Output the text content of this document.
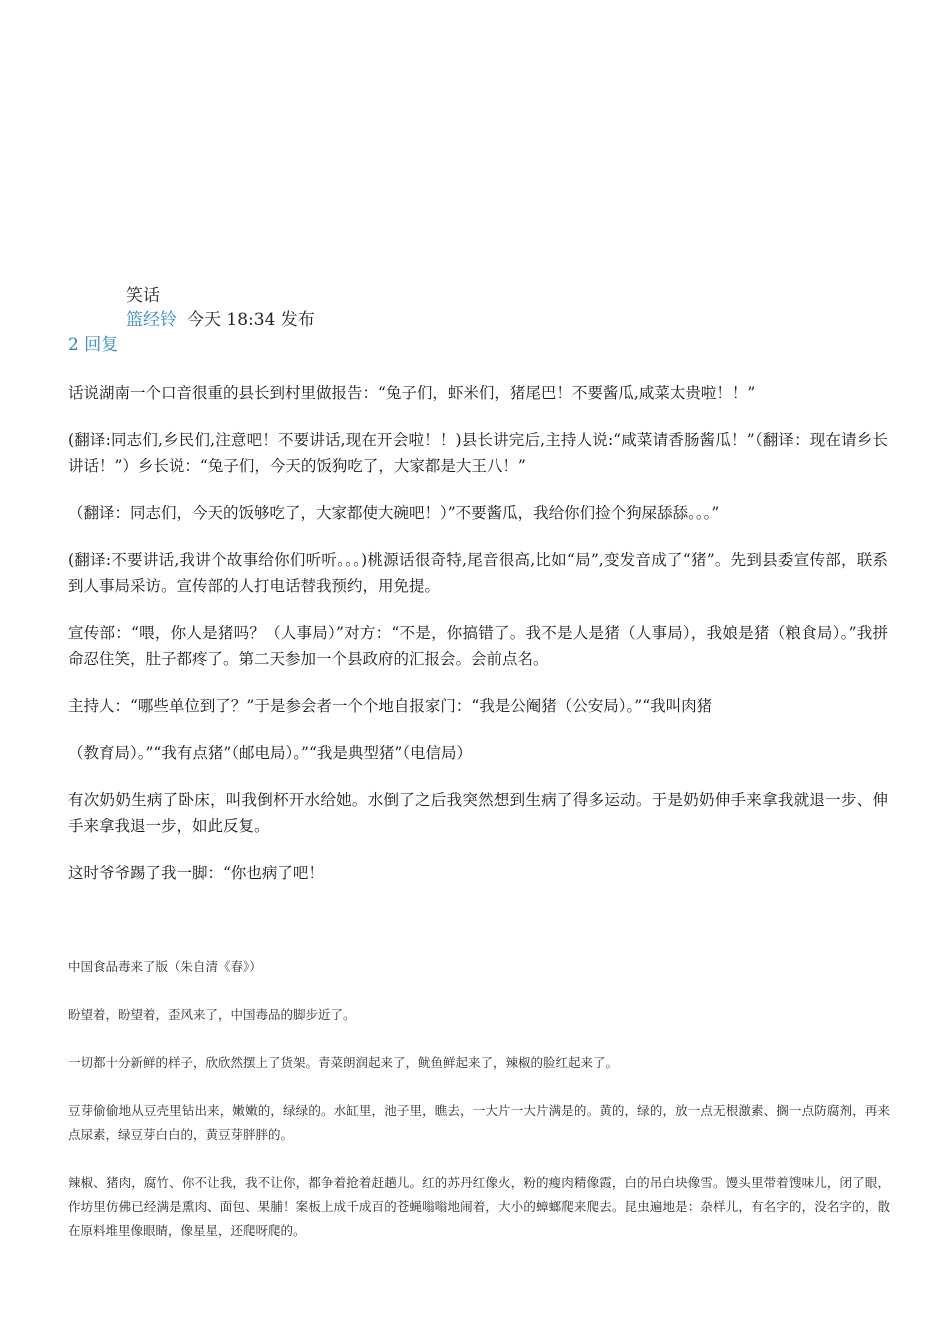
笑话
篮经铃 今天 18:34 发布
2 回复

话说湖南一个口音很重的县长到村里做报告：“兔子们，虾米们，猪尾巴！不要酱瓜,咸菜太贵啦！！”

(翻译:同志们,乡民们,注意吧！不要讲话,现在开会啦！！)县长讲完后,主持人说:“咸菜请香肠酱瓜！”（翻译：现在请乡长讲话！”）乡长说：“兔子们，今天的饭狗吃了，大家都是大王八！”

（翻译：同志们，今天的饭够吃了，大家都使大碗吧！）”不要酱瓜，我给你们捡个狗屎舔舔。。。”

(翻译:不要讲话,我讲个故事给你们听听。。。)桃源话很奇特,尾音很高,比如“局”,变发音成了“猪”。先到县委宣传部，联系到人事局采访。宣传部的人打电话替我预约，用免提。

宣传部：“喂，你人是猪吗？（人事局）”对方：“不是，你搞错了。我不是人是猪（人事局），我娘是猪（粮食局）。”我拼命忍住笑，肚子都疼了。第二天参加一个县政府的汇报会。会前点名。

主持人：“哪些单位到了？”于是参会者一个个地自报家门：“我是公阉猪（公安局）。”“我叫肉猪

（教育局）。”“我有点猪”（邮电局）。”“我是典型猪”（电信局）

有次奶奶生病了卧床，叫我倒杯开水给她。水倒了之后我突然想到生病了得多运动。于是奶奶伸手来拿我就退一步、伸手来拿我退一步，如此反复。

这时爷爷踢了我一脚：“你也病了吧！

中国食品毒来了版（朱自清《春》）

盼望着，盼望着，歪风来了，中国毒品的脚步近了。

一切都十分新鲜的样子，欣欣然摆上了货架。青菜朗润起来了，鱿鱼鲜起来了，辣椒的脸红起来了。

豆芽偷偷地从豆壳里钻出来，嫩嫩的，绿绿的。水缸里，池子里，瞧去，一大片一大片满是的。黄的，绿的，放一点无根激素、搁一点防腐剂，再来点尿素，绿豆芽白白的，黄豆芽胖胖的。

辣椒、猪肉，腐竹、你不让我，我不让你，都争着抢着赶趟儿。红的苏丹红像火，粉的瘦肉精像霞，白的吊白块像雪。馒头里带着馊味儿，闭了眼，作坊里仿佛已经满是熏肉、面包、果脯！案板上成千成百的苍蝇嗡嗡地闹着，大小的蟑螂爬来爬去。昆虫遍地是：杂样儿，有名字的，没名字的，散在原料堆里像眼睛，像星星，还爬呀爬的。
